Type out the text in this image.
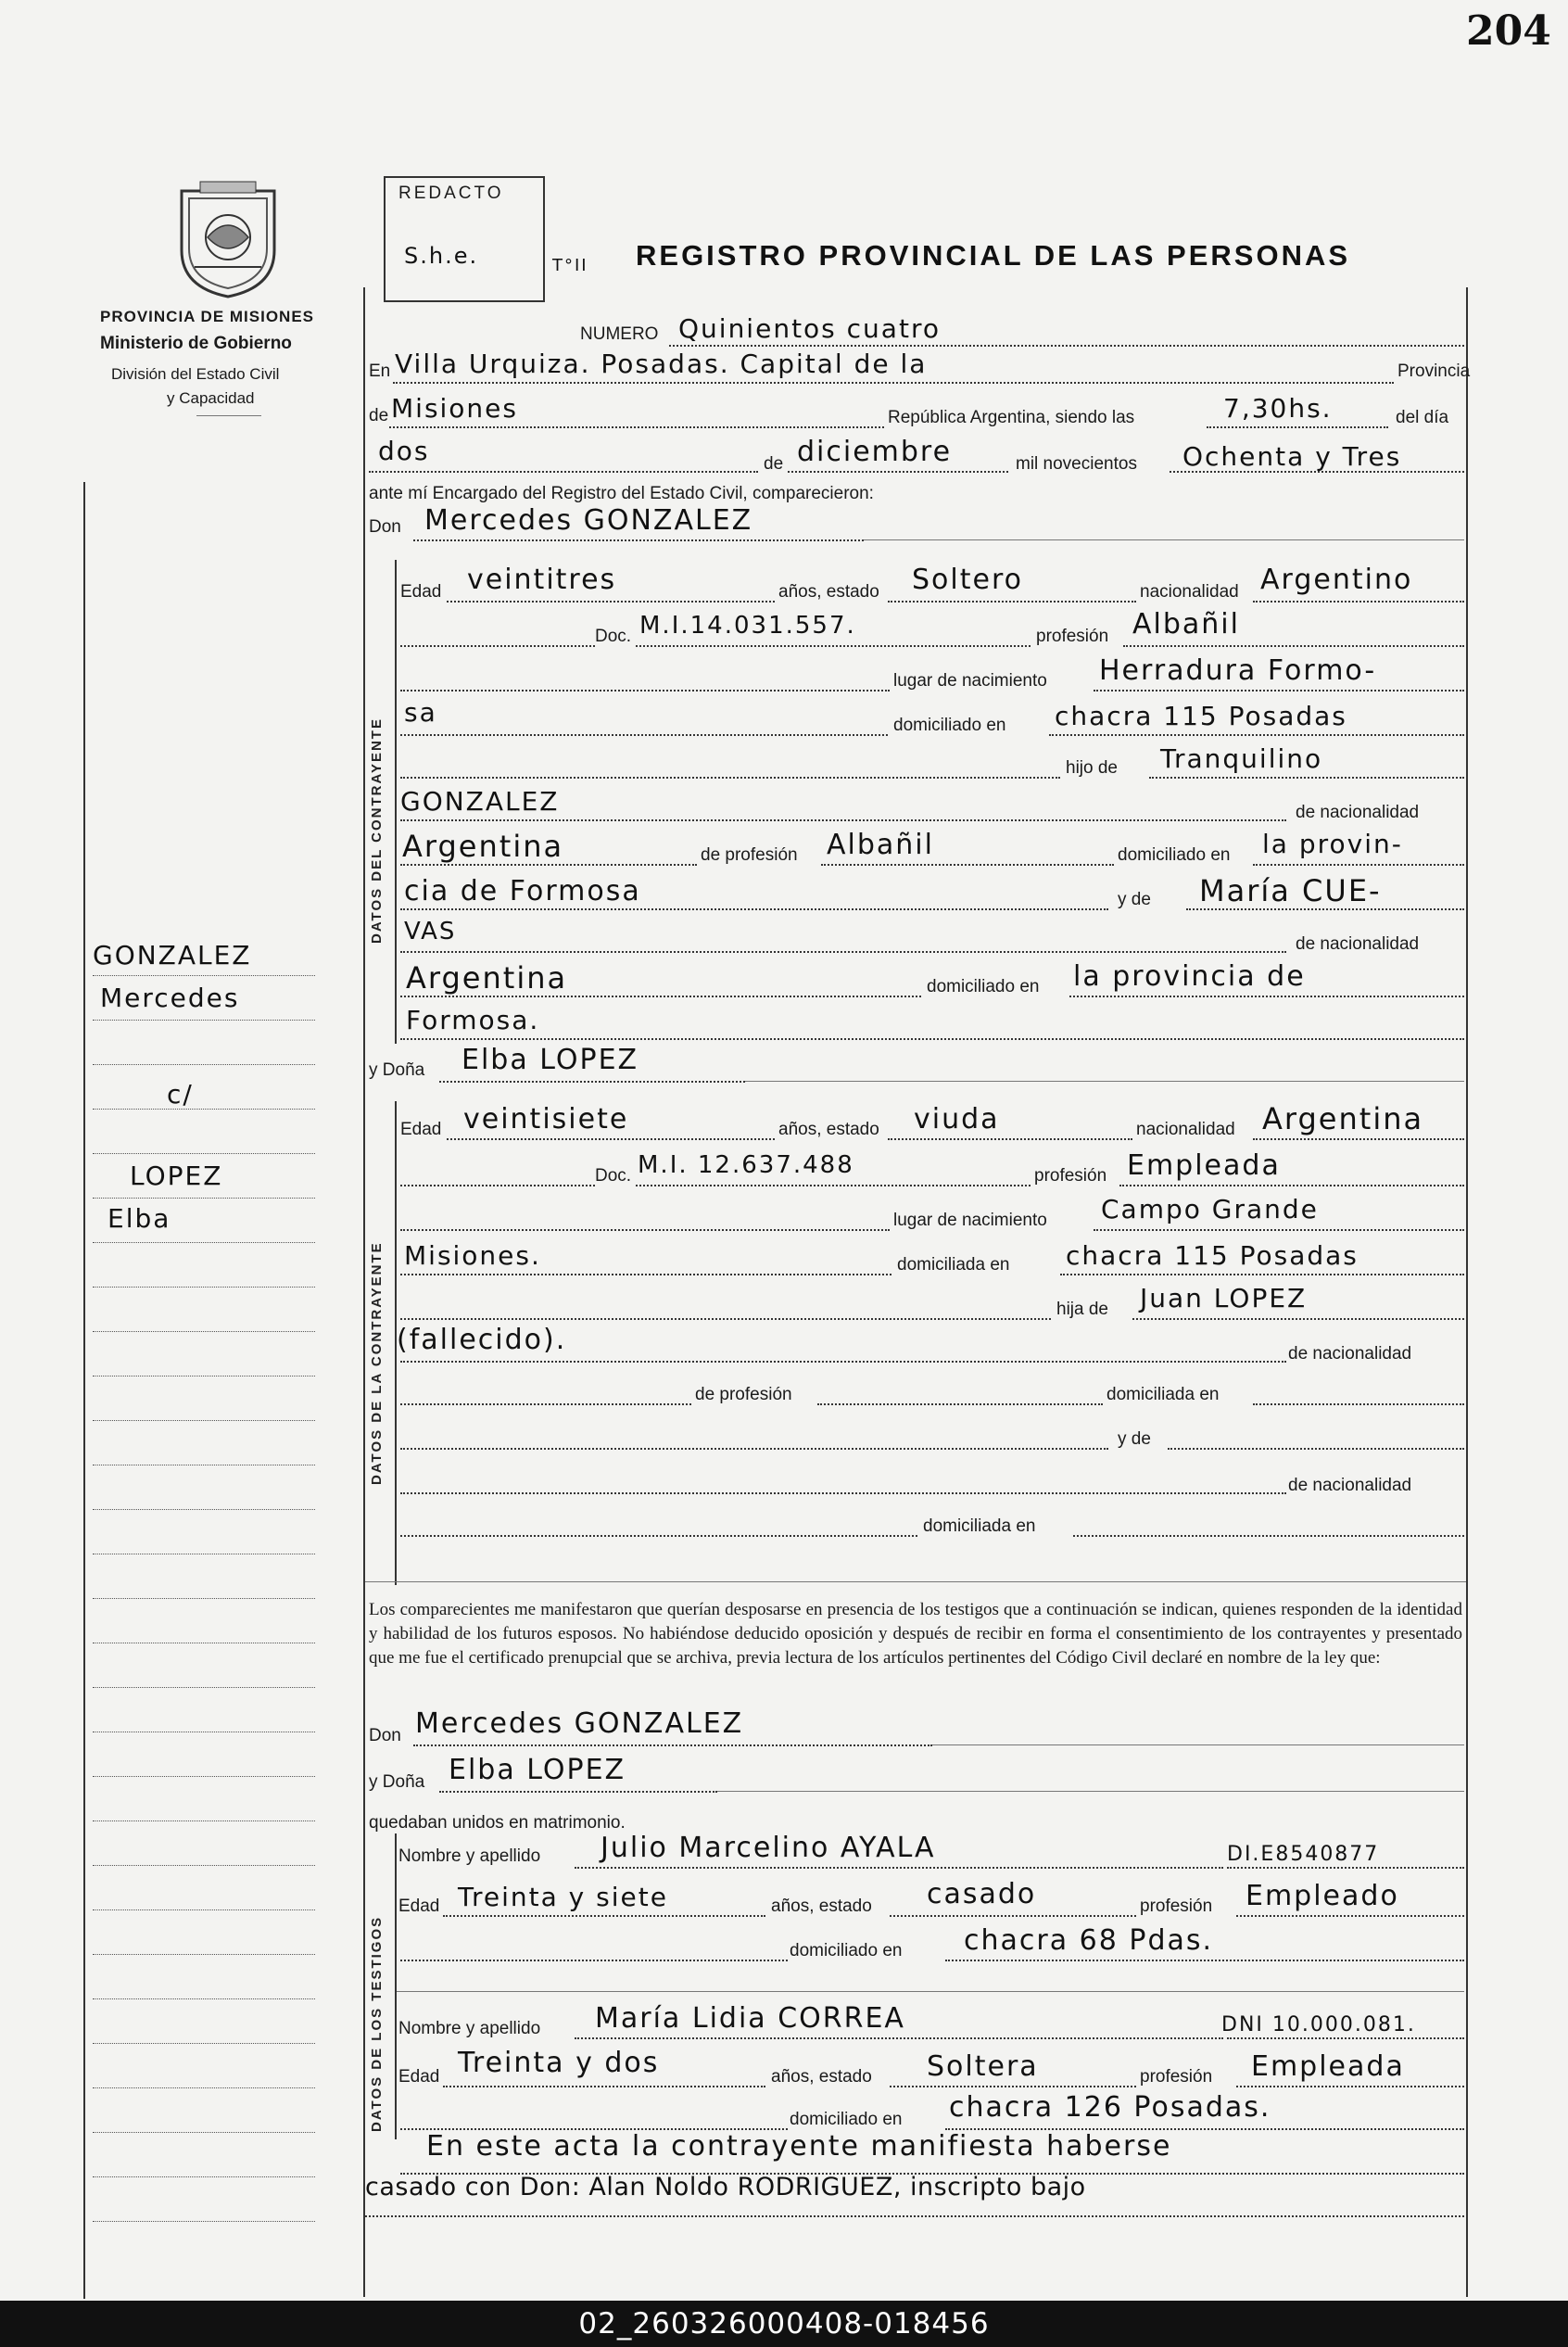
204
PROVINCIA DE MISIONES
Ministerio de Gobierno
División del Estado Civil
y Capacidad
REDACTO
S.h.e.	T°II REGISTRO PROVINCIAL DE LAS PERSONAS
NUMERO Quinientos cuatro
En Villa Urquiza. Posadas. Capital de la	Provincia
de Misiones	República Argentina, siendo las	7,30hs.	del día
dos	de diciembre	mil novecientos Ochenta y Tres
ante mí Encargado del Registro del Estado Civil, comparecieron:
Don Mercedes GONZALEZ
DATOS DEL CONTRAYENTE
Edad veintitres	años, estado Soltero	nacionalidad Argentino
Doc. M.I.14.031.557.	profesión Albañil
lugar de nacimiento Herradura Formo-
sa	domiciliado en chacra 115 Posadas
hijo de Tranquilino
GONZALEZ	de nacionalidad
Argentina	de profesión Albañil	domiciliado en la provin-
cia de Formosa	y de María CUE-
VAS	de nacionalidad
Argentina	domiciliado en la provincia de
Formosa.
y Doña Elba LOPEZ
DATOS DE LA CONTRAYENTE
Edad veintisiete	años, estado viuda	nacionalidad Argentina
Doc. M.I. 12.637.488	profesión Empleada
lugar de nacimiento Campo Grande
Misiones.	domiciliada en chacra 115 Posadas
hija de Juan LOPEZ
(fallecido).	de nacionalidad
de profesión	domiciliada en
y de
de nacionalidad
domiciliada en
Los comparecientes me manifestaron que querían desposarse en presencia de los testigos que a continuación se indican, quienes responden de la identidad y habilidad de los futuros esposos. No habiéndose deducido oposición y después de recibir en forma el consentimiento de los contrayentes y presentado que me fue el certificado prenupcial que se archiva, previa lectura de los artículos pertinentes del Código Civil declaré en nombre de la ley que:
Don Mercedes GONZALEZ
y Doña Elba LOPEZ
quedaban unidos en matrimonio.
DATOS DE LOS TESTIGOS
Nombre y apellido Julio Marcelino AYALA	DI.E8540877
Edad Treinta y siete	años, estado casado	profesión Empleado
domiciliado en chacra 68 Pdas.
Nombre y apellido María Lidia CORREA	DNI 10.000.081.
Edad Treinta y dos	años, estado Soltera	profesión Empleada
domiciliado en chacra 126 Posadas.
En este acta la contrayente manifiesta haberse
casado con Don: Alan Noldo RODRIGUEZ, inscripto bajo
GONZALEZ
Mercedes
c/
LOPEZ
Elba
02_260326000408-018456
